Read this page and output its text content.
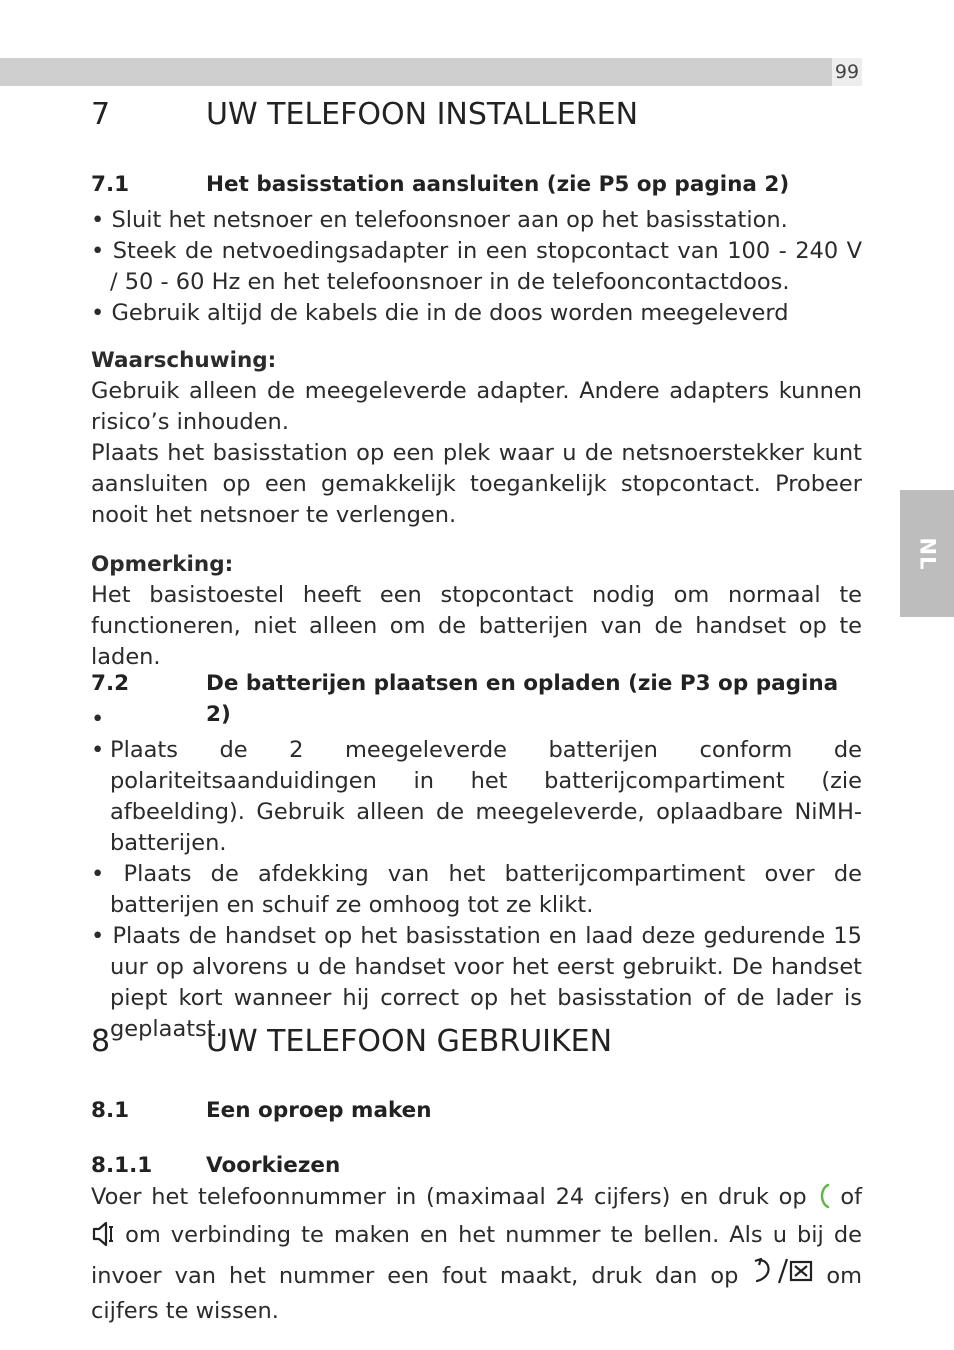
99
NL
7	UW TELEFOON INSTALLEREN
7.1	Het basisstation aansluiten (zie P5 op pagina 2)
• Sluit het netsnoer en telefoonsnoer aan op het basisstation.
• Steek de netvoedingsadapter in een stopcontact van 100 - 240 V / 50 - 60 Hz en het telefoonsnoer in de telefooncontactdoos.
• Gebruik altijd de kabels die in de doos worden meegeleverd
Waarschuwing:
Gebruik alleen de meegeleverde adapter. Andere adapters kunnen risico’s inhouden.
Plaats het basisstation op een plek waar u de netsnoerstekker kunt aansluiten op een gemakkelijk toegankelijk stopcontact. Probeer nooit het netsnoer te verlengen.
Opmerking:
Het basistoestel heeft een stopcontact nodig om normaal te functioneren, niet alleen om de batterijen van de handset op te laden.
7.2	De batterijen plaatsen en opladen (zie P3 op pagina 2)
• • Plaats de 2 meegeleverde batterijen conform de
polariteitsaanduidingen in het batterijcompartiment (zie afbeelding). Gebruik alleen de meegeleverde, oplaadbare NiMH-batterijen.
• Plaats de afdekking van het batterijcompartiment over de batterijen en schuif ze omhoog tot ze klikt.
• Plaats de handset op het basisstation en laad deze gedurende 15 uur op alvorens u de handset voor het eerst gebruikt. De handset piept kort wanneer hij correct op het basisstation of de lader is geplaatst.
8	UW TELEFOON GEBRUIKEN
8.1	Een oproep maken
8.1.1	Voorkiezen
Voer het telefoonnummer in (maximaal 24 cijfers) en druk op of  om verbinding te maken en het nummer te bellen. Als u bij de invoer van het nummer een fout maakt, druk dan op	om cijfers te wissen.
